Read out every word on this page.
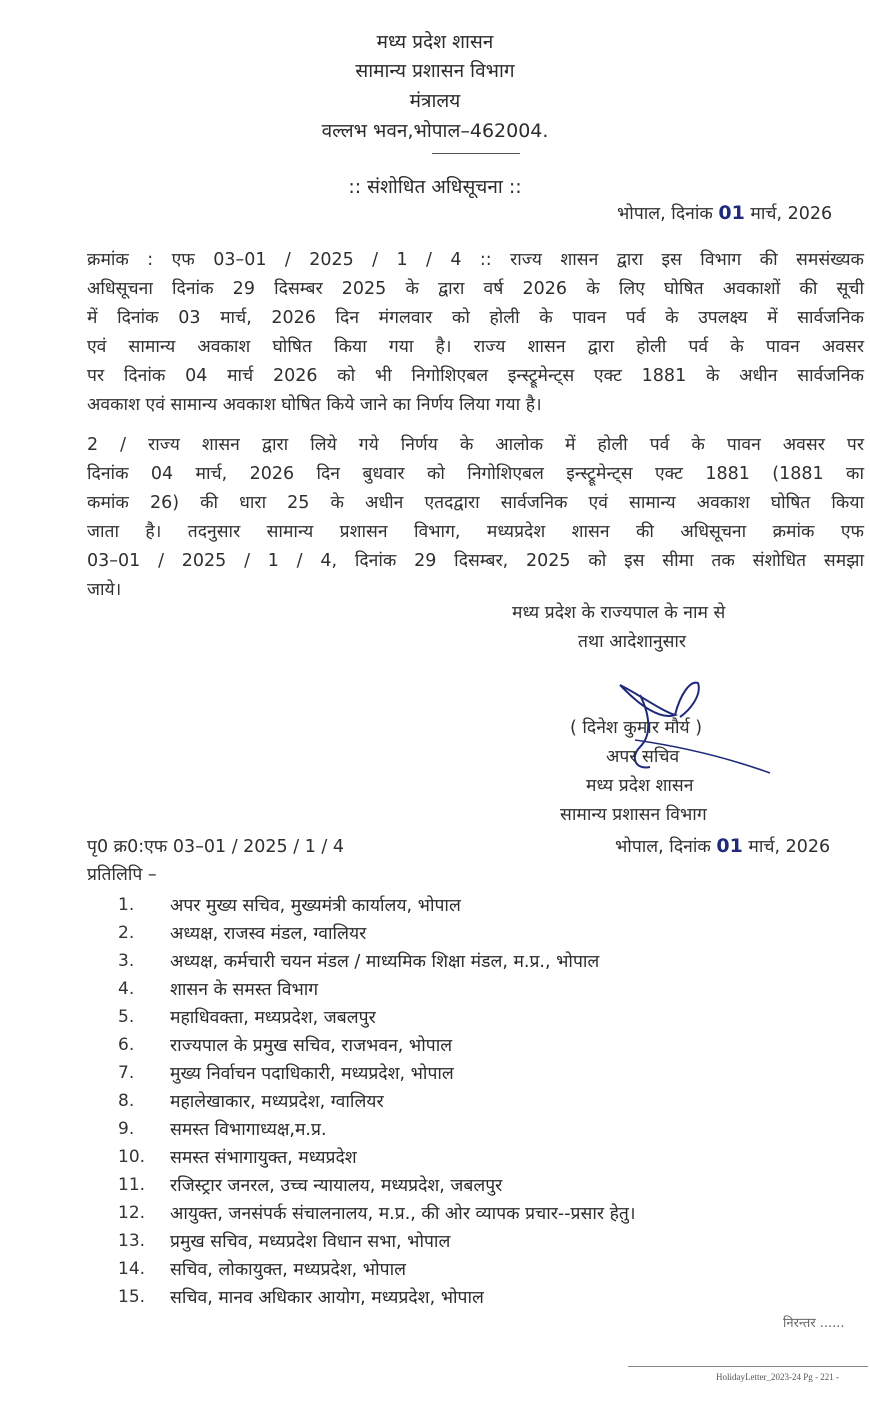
मध्य प्रदेश शासन
सामान्य प्रशासन विभाग
मंत्रालय
वल्लभ भवन,भोपाल–462004.
:: संशोधित अधिसूचना ::
भोपाल, दिनांक 01 मार्च, 2026
क्रमांक : एफ 03–01 / 2025 / 1 / 4 :: राज्य शासन द्वारा इस विभाग की समसंख्यक
अधिसूचना दिनांक 29 दिसम्बर 2025 के द्वारा वर्ष 2026 के लिए घोषित अवकाशों की सूची
में दिनांक 03 मार्च, 2026 दिन मंगलवार को होली के पावन पर्व के उपलक्ष्य में सार्वजनिक
एवं सामान्य अवकाश घोषित किया गया है। राज्य शासन द्वारा होली पर्व के पावन अवसर
पर दिनांक 04 मार्च 2026 को भी निगोशिएबल इन्स्ट्रूमेन्ट्स एक्ट 1881 के अधीन सार्वजनिक
अवकाश एवं सामान्य अवकाश घोषित किये जाने का निर्णय लिया गया है।
2 / राज्य शासन द्वारा लिये गये निर्णय के आलोक में होली पर्व के पावन अवसर पर
दिनांक 04 मार्च, 2026 दिन बुधवार को निगोशिएबल इन्स्ट्रूमेन्ट्स एक्ट 1881 (1881 का
कमांक 26) की धारा 25 के अधीन एतदद्वारा सार्वजनिक एवं सामान्य अवकाश घोषित किया
जाता है। तदनुसार सामान्य प्रशासन विभाग, मध्यप्रदेश शासन की अधिसूचना क्रमांक एफ
03–01 / 2025 / 1 / 4, दिनांक 29 दिसम्बर, 2025 को इस सीमा तक संशोधित समझा
जाये।
मध्य प्रदेश के राज्यपाल के नाम से
तथा आदेशानुसार
( दिनेश कुमार मौर्य )
अपर सचिव
मध्य प्रदेश शासन
सामान्य प्रशासन विभाग
पृ0 क्र0:एफ 03–01 / 2025 / 1 / 4	भोपाल, दिनांक 01 मार्च, 2026
प्रतिलिपि –
1. अपर मुख्य सचिव, मुख्यमंत्री कार्यालय, भोपाल
2. अध्यक्ष, राजस्व मंडल, ग्वालियर
3. अध्यक्ष, कर्मचारी चयन मंडल / माध्यमिक शिक्षा मंडल, म.प्र., भोपाल
4. शासन के समस्त विभाग
5. महाधिवक्ता, मध्यप्रदेश, जबलपुर
6. राज्यपाल के प्रमुख सचिव, राजभवन, भोपाल
7. मुख्य निर्वाचन पदाधिकारी, मध्यप्रदेश, भोपाल
8. महालेखाकार, मध्यप्रदेश, ग्वालियर
9. समस्त विभागाध्यक्ष,म.प्र.
10. समस्त संभागायुक्त, मध्यप्रदेश
11. रजिस्ट्रार जनरल, उच्च न्यायालय, मध्यप्रदेश, जबलपुर
12. आयुक्त, जनसंपर्क संचालनालय, म.प्र., की ओर व्यापक प्रचार--प्रसार हेतु।
13. प्रमुख सचिव, मध्यप्रदेश विधान सभा, भोपाल
14. सचिव, लोकायुक्त, मध्यप्रदेश, भोपाल
15. सचिव, मानव अधिकार आयोग, मध्यप्रदेश, भोपाल
निरन्तर ......
HolidayLetter_2023-24 Pg - 221 -
